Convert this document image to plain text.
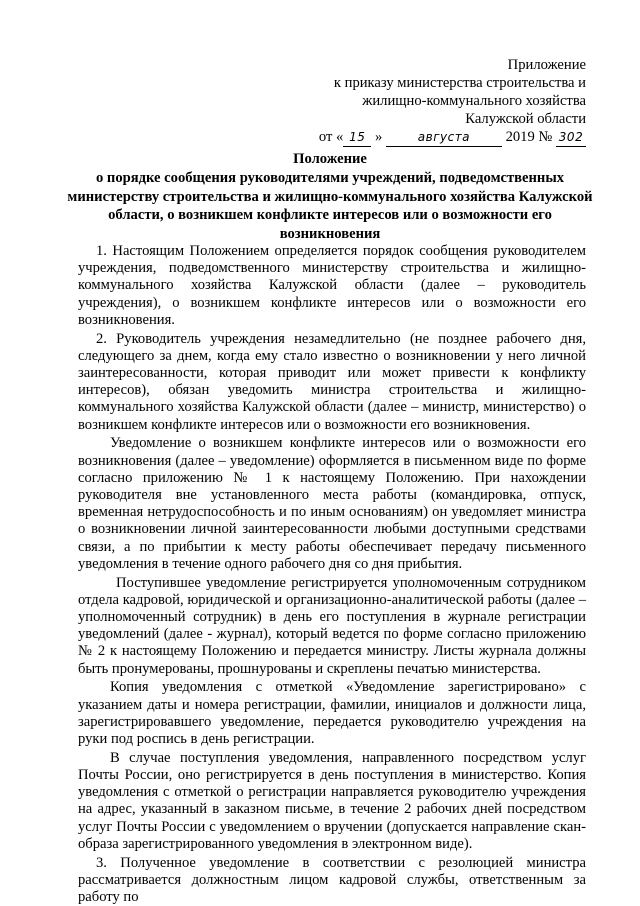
Приложение
к приказу министерства строительства и
жилищно-коммунального хозяйства
Калужской области
от « 15 »	августа 2019 № 302
Положение
о порядке сообщения руководителями учреждений, подведомственных
министерству строительства и жилищно-коммунального хозяйства Калужской
области, о возникшем конфликте интересов или о возможности его
возникновения

1. Настоящим Положением определяется порядок сообщения руководителем учреждения, подведомственного министерству строительства и жилищно-коммунального хозяйства Калужской области (далее – руководитель учреждения), о возникшем конфликте интересов или о возможности его возникновения.

2. Руководитель учреждения незамедлительно (не позднее рабочего дня, следующего за днем, когда ему стало известно о возникновении у него личной заинтересованности, которая приводит или может привести к конфликту интересов), обязан уведомить министра строительства и жилищно-коммунального хозяйства Калужской области (далее – министр, министерство) о возникшем конфликте интересов или о возможности его возникновения.

Уведомление о возникшем конфликте интересов или о возможности его возникновения (далее – уведомление) оформляется в письменном виде по форме согласно приложению № 1 к настоящему Положению. При нахождении руководителя вне установленного места работы (командировка, отпуск, временная нетрудоспособность и по иным основаниям) он уведомляет министра о возникновении личной заинтересованности любыми доступными средствами связи, а по прибытии к месту работы обеспечивает передачу письменного уведомления в течение одного рабочего дня со дня прибытия.

Поступившее уведомление регистрируется уполномоченным сотрудником отдела кадровой, юридической и организационно-аналитической работы (далее – уполномоченный сотрудник) в день его поступления в журнале регистрации уведомлений (далее - журнал), который ведется по форме согласно приложению № 2 к настоящему Положению и передается министру. Листы журнала должны быть пронумерованы, прошнурованы и скреплены печатью министерства.

Копия уведомления с отметкой «Уведомление зарегистрировано» с указанием даты и номера регистрации, фамилии, инициалов и должности лица, зарегистрировавшего уведомление, передается руководителю учреждения на руки под роспись в день регистрации.

В случае поступления уведомления, направленного посредством услуг Почты России, оно регистрируется в день поступления в министерство. Копия уведомления с отметкой о регистрации направляется руководителю учреждения на адрес, указанный в заказном письме, в течение 2 рабочих дней посредством услуг Почты России с уведомлением о вручении (допускается направление скан-образа зарегистрированного уведомления в электронном виде).

3. Полученное уведомление в соответствии с резолюцией министра рассматривается должностным лицом кадровой службы, ответственным за работу по
